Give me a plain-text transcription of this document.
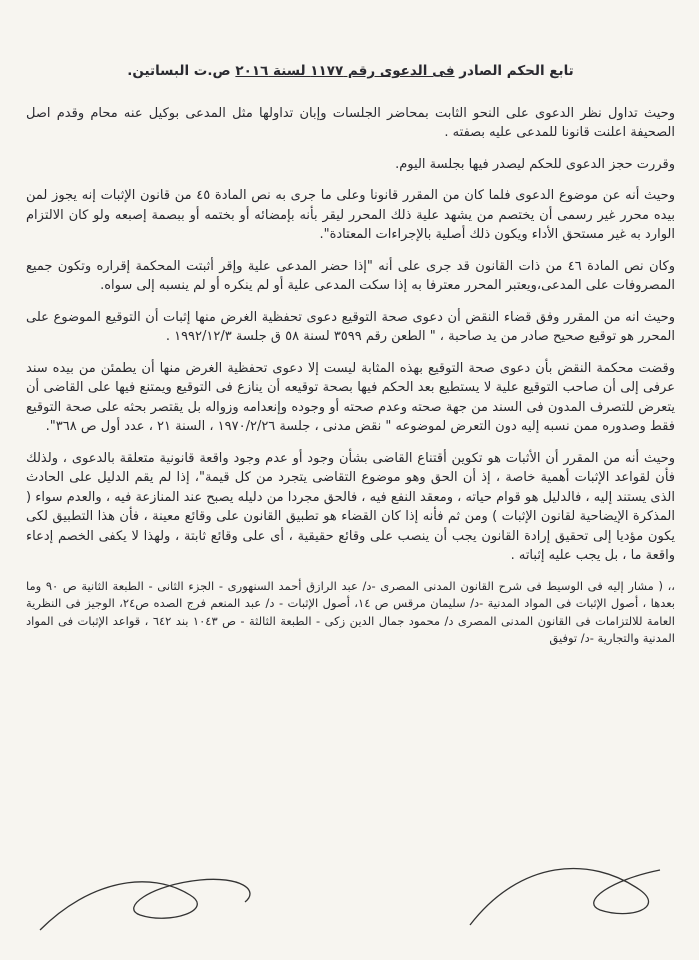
تابع الحكم الصادر فى الدعوى رقم ١١٧٧ لسنة ٢٠١٦ ص.ت البساتين.

وحيث تداول نظر الدعوى على النحو الثابت بمحاضر الجلسات وإبان تداولها مثل المدعى بوكيل عنه محام وقدم اصل الصحيفة اعلنت قانونا للمدعى عليه بصفته .

وقررت حجز الدعوى للحكم ليصدر فيها بجلسة اليوم.

وحيث أنه عن موضوع الدعوى فلما كان من المقرر قانونا وعلى ما جرى به نص المادة ٤٥ من قانون الإثبات إنه يجوز لمن بيده محرر غير رسمى أن يختصم من يشهد علية ذلك المحرر ليقر بأنه بإمضائه أو بختمه أو ببصمة إصبعه ولو كان الالتزام الوارد به غير مستحق الأداء ويكون ذلك أصلية بالإجراءات المعتادة".

وكان نص المادة ٤٦ من ذات القانون قد جرى على أنه "إذا حضر المدعى علية وإقر أثبتت المحكمة إقراره وتكون جميع المصروفات على المدعى،ويعتبر المحرر معترفا به إذا سكت المدعى علية أو لم ينكره أو لم ينسبه إلى سواه.

وحيث انه من المقرر وفق قضاء النقض أن دعوى صحة التوقيع دعوى تحفظية الغرض منها إثبات أن التوقيع الموضوع على المحرر هو توقيع صحيح صادر من يد صاحبة ، " الطعن رقم ٣٥٩٩ لسنة ٥٨ ق جلسة ١٩٩٢/١٢/٣ .

وقضت محكمة النقض بأن دعوى صحة التوقيع بهذه المثابة ليست إلا دعوى تحفظية الغرض منها أن يطمئن من بيده سند عرفى إلى أن صاحب التوقيع علية لا يستطيع بعد الحكم فيها بصحة توقيعه أن ينازع فى التوقيع ويمتنع فيها على القاضى أن يتعرض للتصرف المدون فى السند من جهة صحته وعدم صحته أو وجوده وإنعدامه وزواله بل يقتصر بحثه على صحة التوقيع فقط وصدوره ممن نسبه إليه دون التعرض لموضوعه " نقض مدنى ، جلسة ١٩٧٠/٢/٢٦ ، السنة ٢١ ، عدد أول ص ٣٦٨".

وحيث أنه من المقرر أن الأثبات هو تكوين أقتناع القاضى بشأن وجود أو عدم وجود واقعة قانونية متعلقة بالدعوى ، ولذلك فأن لقواعد الإثبات أهمية خاصة ، إذ أن الحق وهو موضوع التقاضى يتجرد من كل قيمة"، إذا لم يقم الدليل على الحادث الذى يستند إليه ، فالدليل هو قوام حياته ، ومعقد النفع فيه ، فالحق مجردا من دليله يصبح عند المنازعة فيه ، والعدم سواء ( المذكرة الإيضاحية لقانون الإثبات ) ومن ثم فأنه إذا كان القضاء هو تطبيق القانون على وقائع معينة ، فأن هذا التطبيق لكى يكون مؤديا إلى تحقيق إرادة القانون يجب أن ينصب على وقائع حقيقية ، أى على وقائع ثابتة ، ولهذا لا يكفى الخصم إدعاء واقعة ما ، بل يجب عليه إثباته .

،، ( مشار إليه فى الوسيط فى شرح القانون المدنى المصرى -د/ عبد الرازق أحمد السنهورى - الجزء الثانى - الطبعة الثانية ص ٩٠ وما بعدها ، أصول الإثبات فى المواد المدنية -د/ سليمان مرقس ص ١٤، أصول الإثبات - د/ عبد المنعم فرج الصده ص٢٤، الوجيز فى النظرية العامة للالتزامات فى القانون المدنى المصرى د/ محمود جمال الدين زكى - الطبعة الثالثة - ص ١٠٤٣ بند ٦٤٢ ، قواعد الإثبات فى المواد المدنية والتجارية -د/ توفيق
